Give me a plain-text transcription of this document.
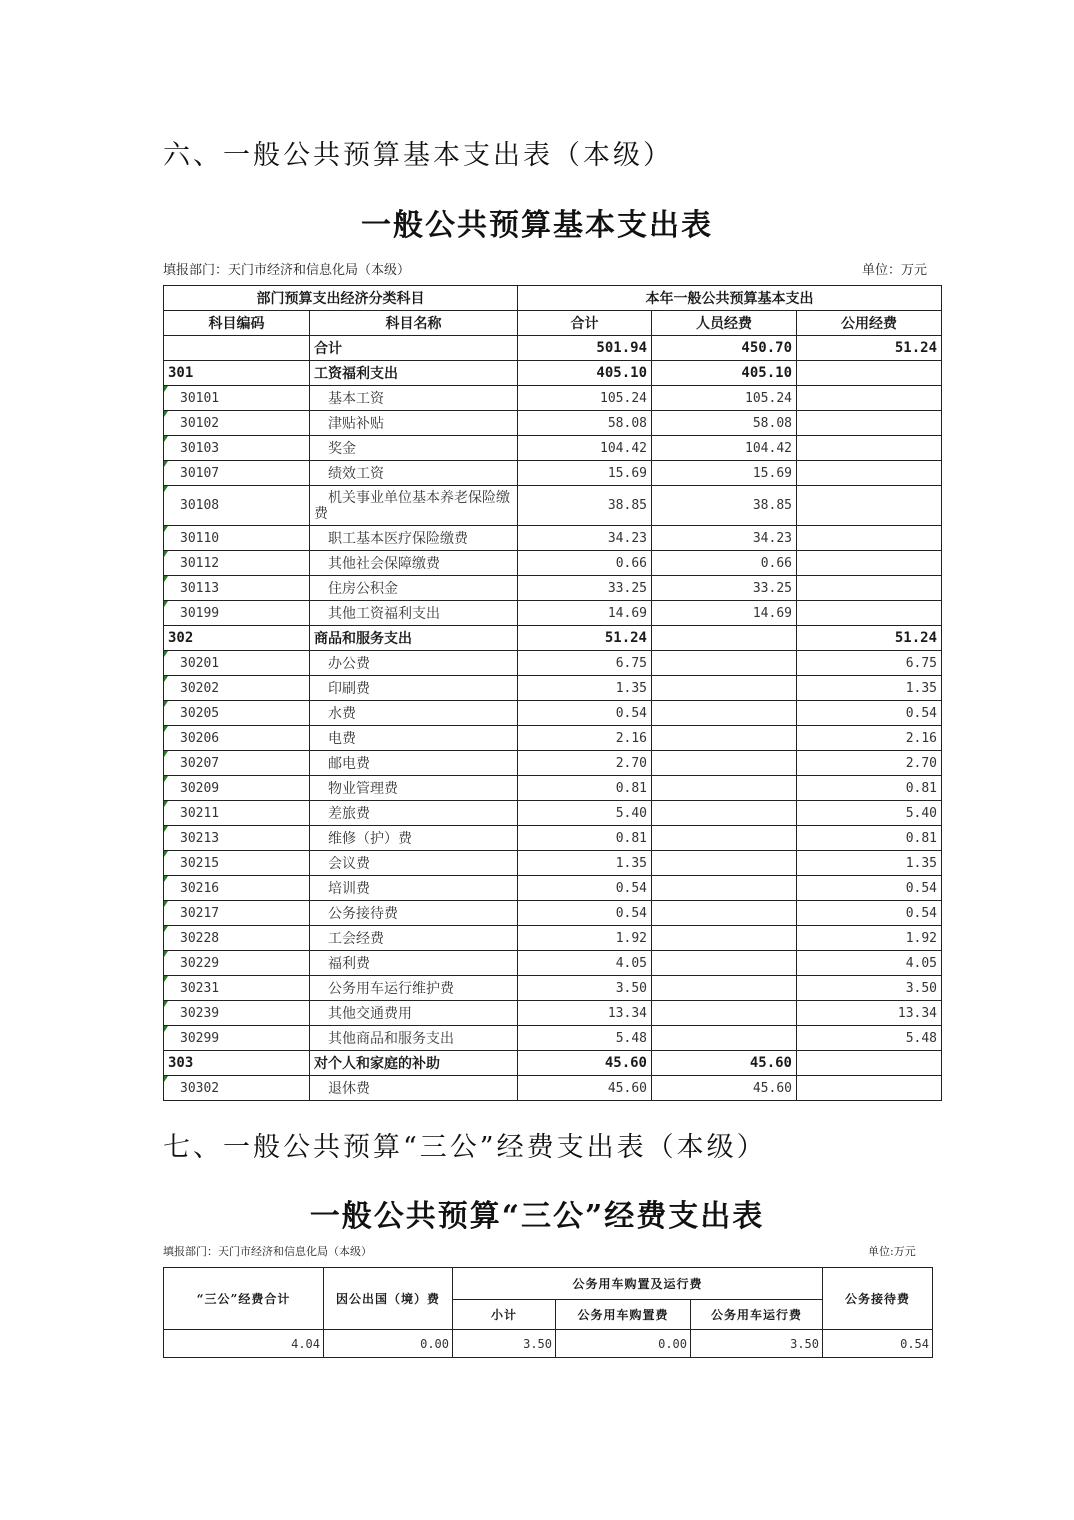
六、一般公共预算基本支出表（本级）
一般公共预算基本支出表
填报部门：天门市经济和信息化局（本级）	单位：万元
部门预算支出经济分类科目		本年一般公共预算基本支出		
科目编码	科目名称	合计	人员经费	公用经费
	合计	501.94	450.70	51.24
301	工资福利支出	405.10	405.10	
30101	基本工资	105.24	105.24	
30102	津贴补贴	58.08	58.08	
30103	奖金	104.42	104.42	
30107	绩效工资	15.69	15.69	
30108	机关事业单位基本养老保险缴费	38.85	38.85	
30110	职工基本医疗保险缴费	34.23	34.23	
30112	其他社会保障缴费	0.66	0.66	
30113	住房公积金	33.25	33.25	
30199	其他工资福利支出	14.69	14.69	
302	商品和服务支出	51.24		51.24
30201	办公费	6.75		6.75
30202	印刷费	1.35		1.35
30205	水费	0.54		0.54
30206	电费	2.16		2.16
30207	邮电费	2.70		2.70
30209	物业管理费	0.81		0.81
30211	差旅费	5.40		5.40
30213	维修（护）费	0.81		0.81
30215	会议费	1.35		1.35
30216	培训费	0.54		0.54
30217	公务接待费	0.54		0.54
30228	工会经费	1.92		1.92
30229	福利费	4.05		4.05
30231	公务用车运行维护费	3.50		3.50
30239	其他交通费用	13.34		13.34
30299	其他商品和服务支出	5.48		5.48
303	对个人和家庭的补助	45.60	45.60	
30302	退休费	45.60	45.60	
七、一般公共预算“三公”经费支出表（本级）
一般公共预算“三公”经费支出表
填报部门：天门市经济和信息化局（本级）	单位:万元
“三公”经费合计	因公出国（境）费	公务用车购置及运行费			公务接待费
		小计	公务用车购置费	公务用车运行费	
4.04	0.00	3.50	0.00	3.50	0.54
